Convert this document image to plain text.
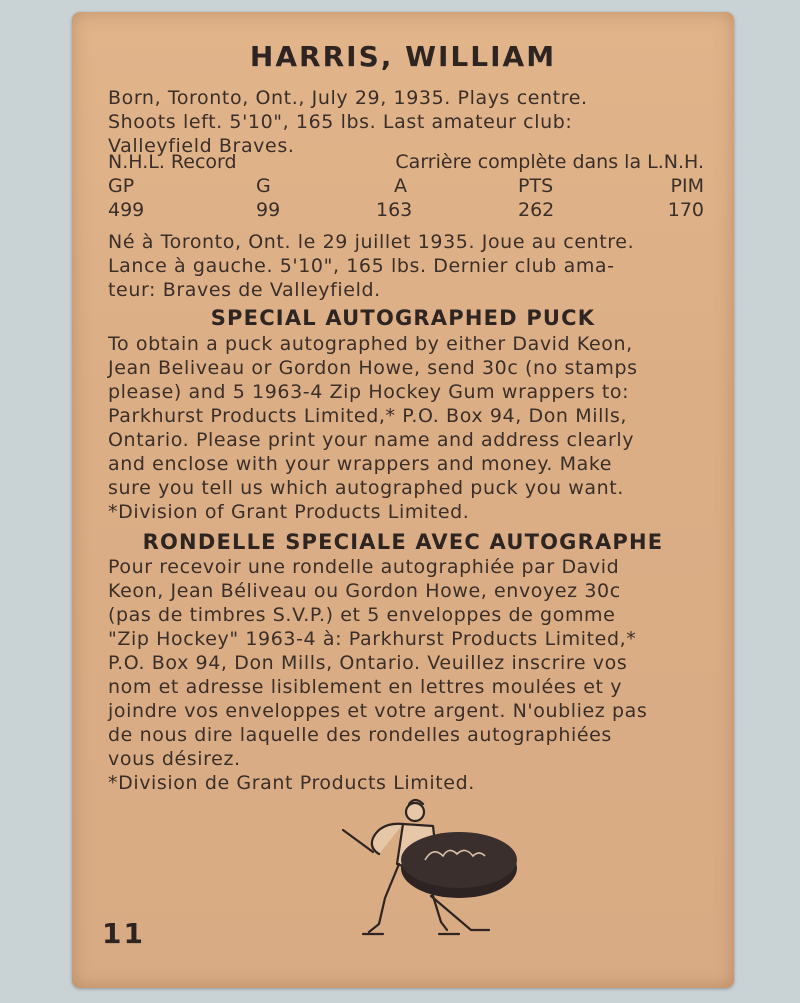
HARRIS, WILLIAM
Born, Toronto, Ont., July 29, 1935. Plays centre.
Shoots left. 5'10", 165 lbs. Last amateur club:
Valleyfield Braves.
N.H.L. Record	Carrière complète dans la L.N.H.
GP	G	A	PTS	PIM
499	99	163	262	170
Né à Toronto, Ont. le 29 juillet 1935. Joue au centre.
Lance à gauche. 5'10", 165 lbs. Dernier club ama-
teur: Braves de Valleyfield.
SPECIAL AUTOGRAPHED PUCK
To obtain a puck autographed by either David Keon,
Jean Beliveau or Gordon Howe, send 30c (no stamps
please) and 5 1963-4 Zip Hockey Gum wrappers to:
Parkhurst Products Limited,* P.O. Box 94, Don Mills,
Ontario. Please print your name and address clearly
and enclose with your wrappers and money. Make
sure you tell us which autographed puck you want.
*Division of Grant Products Limited.
RONDELLE SPECIALE AVEC AUTOGRAPHE
Pour recevoir une rondelle autographiée par David
Keon, Jean Béliveau ou Gordon Howe, envoyez 30c
(pas de timbres S.V.P.) et 5 enveloppes de gomme
"Zip Hockey" 1963-4 à: Parkhurst Products Limited,*
P.O. Box 94, Don Mills, Ontario. Veuillez inscrire vos
nom et adresse lisiblement en lettres moulées et y
joindre vos enveloppes et votre argent. N'oubliez pas
de nous dire laquelle des rondelles autographiées
vous désirez.
*Division de Grant Products Limited.
11
